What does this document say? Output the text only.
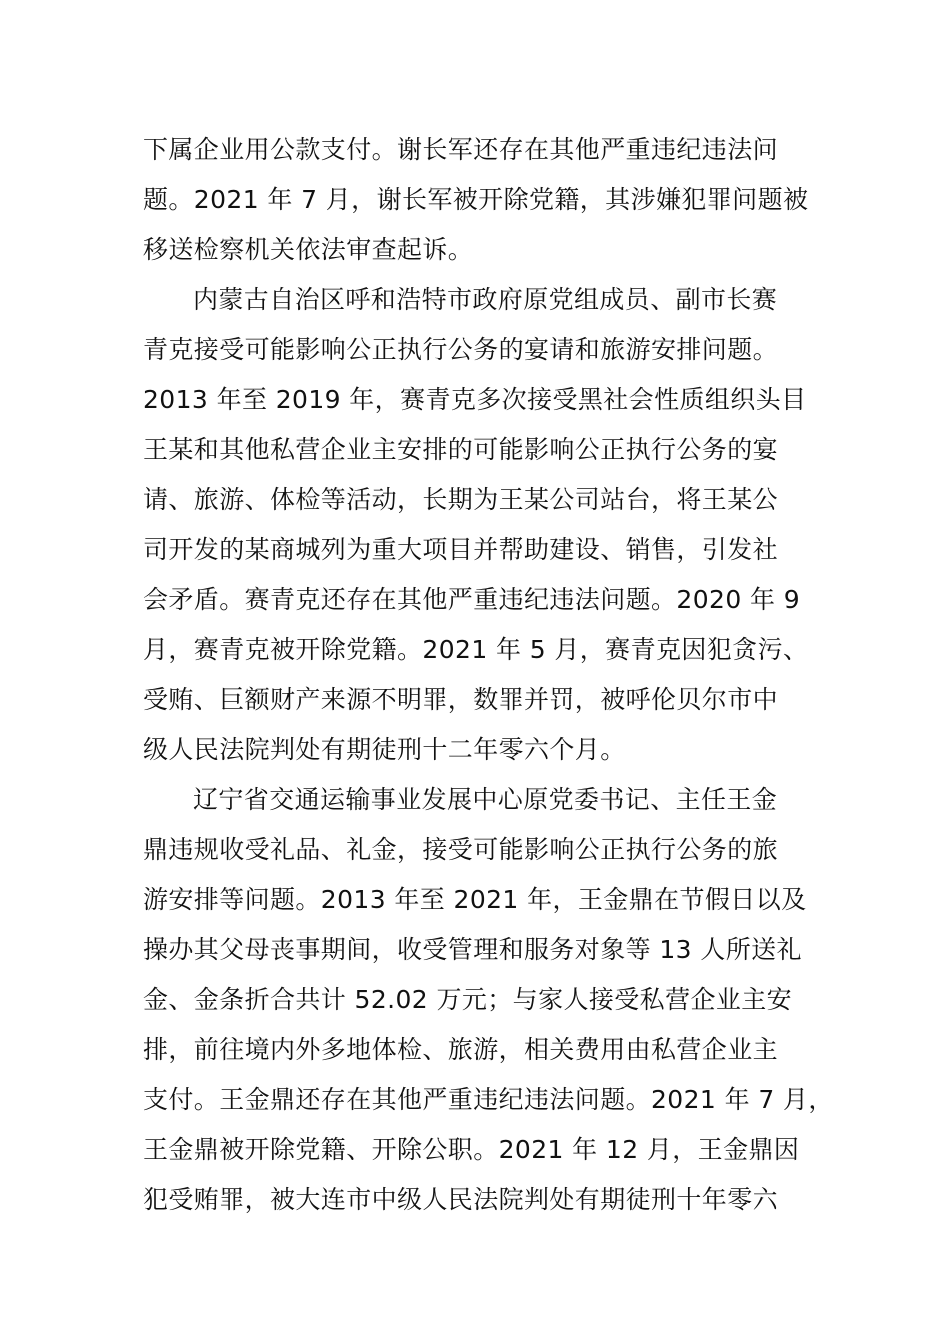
下属企业用公款支付。谢长军还存在其他严重违纪违法问
题。2021 年 7 月，谢长军被开除党籍，其涉嫌犯罪问题被
移送检察机关依法审查起诉。
内蒙古自治区呼和浩特市政府原党组成员、副市长赛
青克接受可能影响公正执行公务的宴请和旅游安排问题。
2013 年至 2019 年，赛青克多次接受黑社会性质组织头目
王某和其他私营企业主安排的可能影响公正执行公务的宴
请、旅游、体检等活动，长期为王某公司站台，将王某公
司开发的某商城列为重大项目并帮助建设、销售，引发社
会矛盾。赛青克还存在其他严重违纪违法问题。2020 年 9
月，赛青克被开除党籍。2021 年 5 月，赛青克因犯贪污、
受贿、巨额财产来源不明罪，数罪并罚，被呼伦贝尔市中
级人民法院判处有期徒刑十二年零六个月。
辽宁省交通运输事业发展中心原党委书记、主任王金
鼎违规收受礼品、礼金，接受可能影响公正执行公务的旅
游安排等问题。2013 年至 2021 年，王金鼎在节假日以及
操办其父母丧事期间，收受管理和服务对象等 13 人所送礼
金、金条折合共计 52.02 万元；与家人接受私营企业主安
排，前往境内外多地体检、旅游，相关费用由私营企业主
支付。王金鼎还存在其他严重违纪违法问题。2021 年 7 月，
王金鼎被开除党籍、开除公职。2021 年 12 月，王金鼎因
犯受贿罪，被大连市中级人民法院判处有期徒刑十年零六
